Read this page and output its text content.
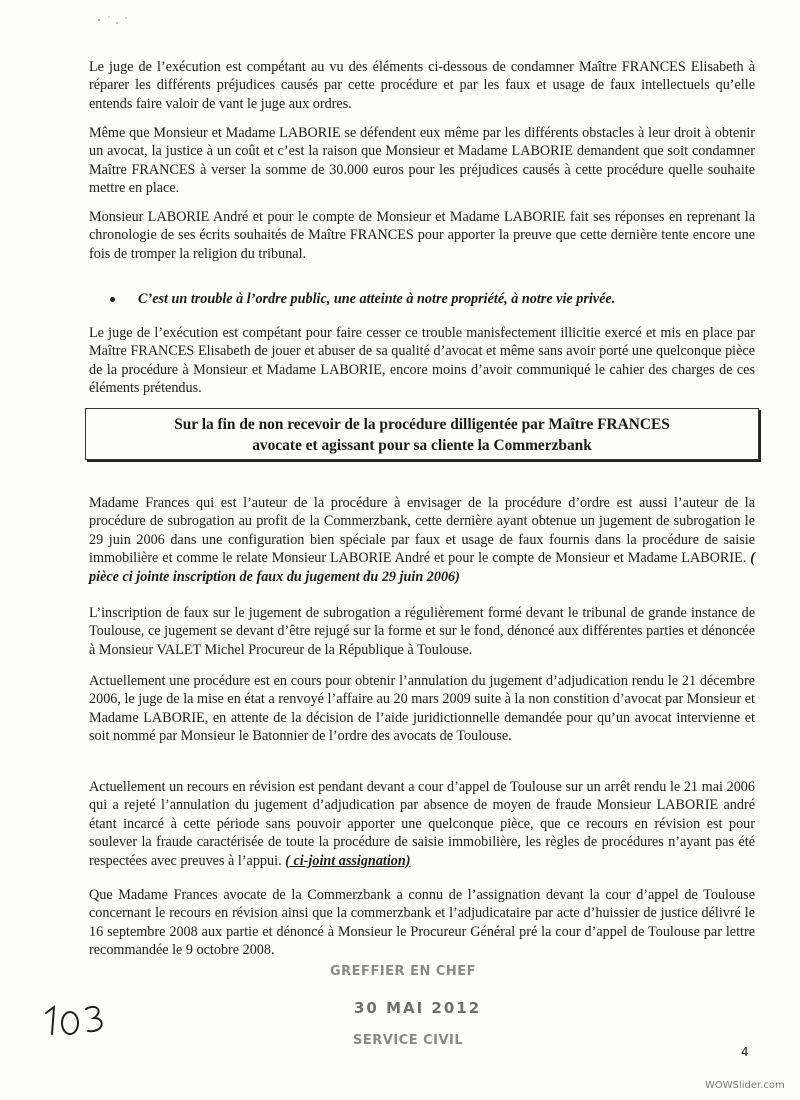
Le juge de l’exécution est compétant au vu des éléments ci-dessous de condamner Maître FRANCES Elisabeth à réparer les différents préjudices causés par cette procédure et par les faux et usage de faux intellectuels qu’elle entends faire valoir de vant le juge aux ordres.

Même que Monsieur et Madame LABORIE se défendent eux même par les différents obstacles à leur droit à obtenir un avocat, la justice à un coût et c’est la raison que Monsieur et Madame LABORIE demandent que soit condamner Maître FRANCES à verser la somme de 30.000 euros pour les préjudices causés à cette procédure quelle souhaite mettre en place.

Monsieur LABORIE André et pour le compte de Monsieur et Madame LABORIE fait ses réponses en reprenant la chronologie de ses écrits souhaités de Maître FRANCES pour apporter la preuve que cette dernière tente encore une fois de tromper la religion du tribunal.

C’est un trouble à l’ordre public, une atteinte à notre propriété, à notre vie privée.

Le juge de l’exécution est compétant pour faire cesser ce trouble manisfectement illicitie exercé et mis en place par Maître FRANCES Elisabeth de jouer et abuser de sa qualité d’avocat et même sans avoir porté une quelconque pièce de la procédure à Monsieur et Madame LABORIE, encore moins d’avoir communiqué le cahier des charges de ces éléments prétendus.

Sur la fin de non recevoir de la procédure dilligentée par Maître FRANCES
avocate et agissant pour sa cliente la Commerzbank

Madame Frances qui est l’auteur de la procédure à envisager de la procédure d’ordre est aussi l’auteur de la procédure de subrogation au profit de la Commerzbank, cette dernière ayant obtenue un jugement de subrogation le 29 juin 2006 dans une configuration bien spéciale par faux et usage de faux fournis dans la procédure de saisie immobilière et comme le relate Monsieur LABORIE André et pour le compte de Monsieur et Madame LABORIE. ( pièce ci jointe inscription de faux du jugement du 29 juin 2006)

L’inscription de faux sur le jugement de subrogation a régulièrement formé devant le tribunal de grande instance de Toulouse, ce jugement se devant d’être rejugé sur la forme et sur le fond, dénoncé aux différentes parties et dénoncée à Monsieur VALET Michel Procureur de la République à Toulouse.

Actuellement une procédure est en cours pour obtenir l’annulation du jugement d’adjudication rendu le 21 décembre 2006, le juge de la mise en état a renvoyé l’affaire au 20 mars 2009 suite à la non constition d’avocat par Monsieur et Madame LABORIE, en attente de la décision de l’aide juridictionnelle demandée pour qu’un avocat intervienne et soit nommé par Monsieur le Batonnier de l’ordre des avocats de Toulouse.

Actuellement un recours en révision est pendant devant a cour d’appel de Toulouse sur un arrêt rendu le 21 mai 2006 qui a rejeté l’annulation du jugement d’adjudication par absence de moyen de fraude Monsieur LABORIE andré étant incarcé à cette période sans pouvoir apporter une quelconque pièce, que ce recours en révision est pour soulever la fraude caractérisée de toute la procédure de saisie immobilière, les règles de procédures n’ayant pas été respectées avec preuves à l’appui. ( ci-joint assignation)

Que Madame Frances avocate de la Commerzbank a connu de l’assignation devant la cour d’appel de Toulouse concernant le recours en révision ainsi que la commerzbank et l’adjudicataire par acte d’huissier de justice délivré le 16 septembre 2008 aux partie et dénoncé à Monsieur le Procureur Général pré la cour d’appel de Toulouse par lettre recommandée le 9 octobre 2008.

GREFFIER EN CHEF
30 MAI 2012
SERVICE CIVIL
4
WOWSlider.com
